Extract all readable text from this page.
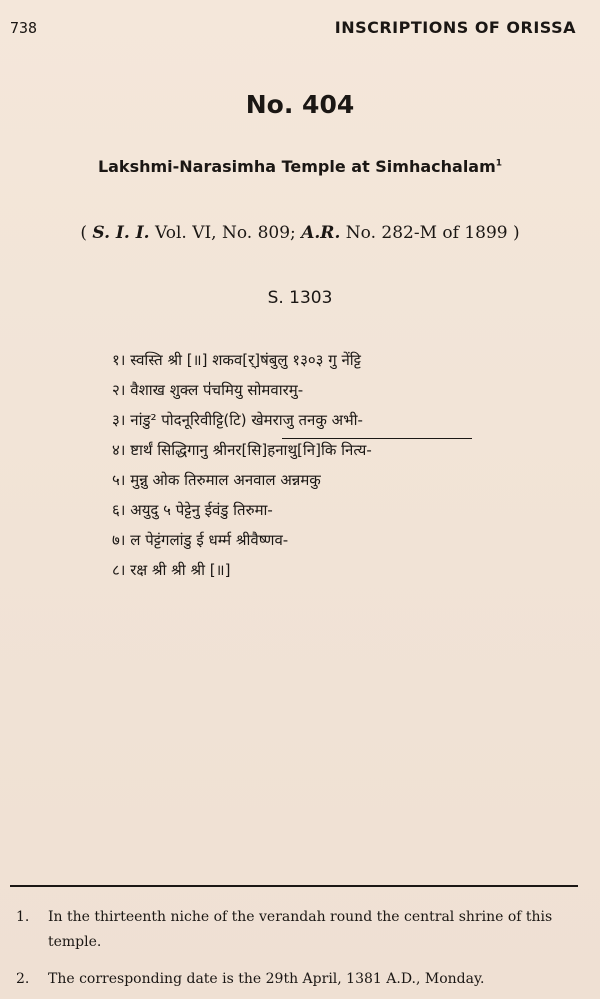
738	INSCRIPTIONS OF ORISSA
No. 404
Lakshmi-Narasimha Temple at Simhachalam$^1$
( S. I. I. Vol. VI, No. 809; A.R. No. 282-M of 1899 )
S. 1303
१। स्वस्ति श्री [॥] शकव[र्]षंबुलु १३०३ गु नेंट्टि
२। वैशाख शुक्ल प॑चमियु सोमवारमु-
३। नांडु² पोदनूरिवीट्टि(टि) खेमराजु तनकु अभी-
४। ष्टार्थं सिद्धिगानु श्रीनर[सि]हनाथु[नि]कि नित्य-
५। मुन्नु ओक तिरुमाल अनवाल अन्नमकु
६। अयुदु ५ पेट्टेनु ईवंडु तिरुमा-
७। ल पेट्टंगलांडु ई धर्म्म श्रीवैष्णव-
८। रक्ष श्री श्री श्री [॥]
1. In the thirteenth niche of the verandah round the central shrine of this temple.
2. The corresponding date is the 29th April, 1381 A.D., Monday.
